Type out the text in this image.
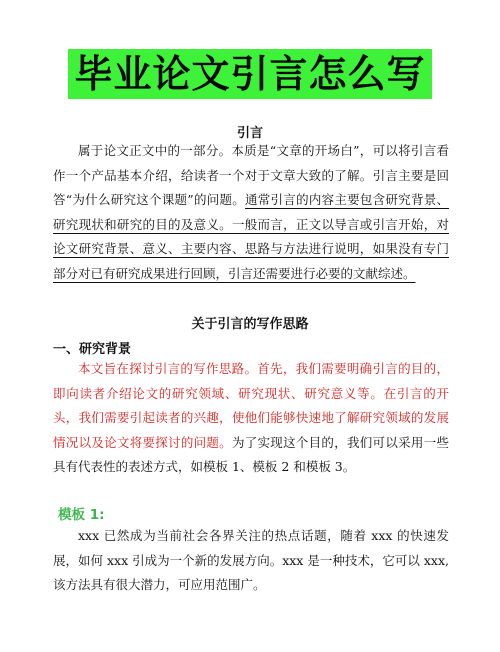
毕业论文引言怎么写
引言

属于论文正文中的一部分。本质是“文章的开场白”，可以将引言看作一个产品基本介绍，给读者一个对于文章大致的了解。引言主要是回答“为什么研究这个课题”的问题。通常引言的内容主要包含研究背景、研究现状和研究的目的及意义。一般而言，正文以导言或引言开始，对论文研究背景、意义、主要内容、思路与方法进行说明，如果没有专门部分对已有研究成果进行回顾，引言还需要进行必要的文献综述。

关于引言的写作思路
一、研究背景

本文旨在探讨引言的写作思路。首先，我们需要明确引言的目的，即向读者介绍论文的研究领域、研究现状、研究意义等。在引言的开头，我们需要引起读者的兴趣，使他们能够快速地了解研究领域的发展情况以及论文将要探讨的问题。为了实现这个目的，我们可以采用一些具有代表性的表述方式，如模板 1、模板 2 和模板 3。

模板 1:

xxx 已然成为当前社会各界关注的热点话题，随着 xxx 的快速发展，如何 xxx 引成为一个新的发展方向。xxx 是一种技术，它可以 xxx,该方法具有很大潜力，可应用范围广。
